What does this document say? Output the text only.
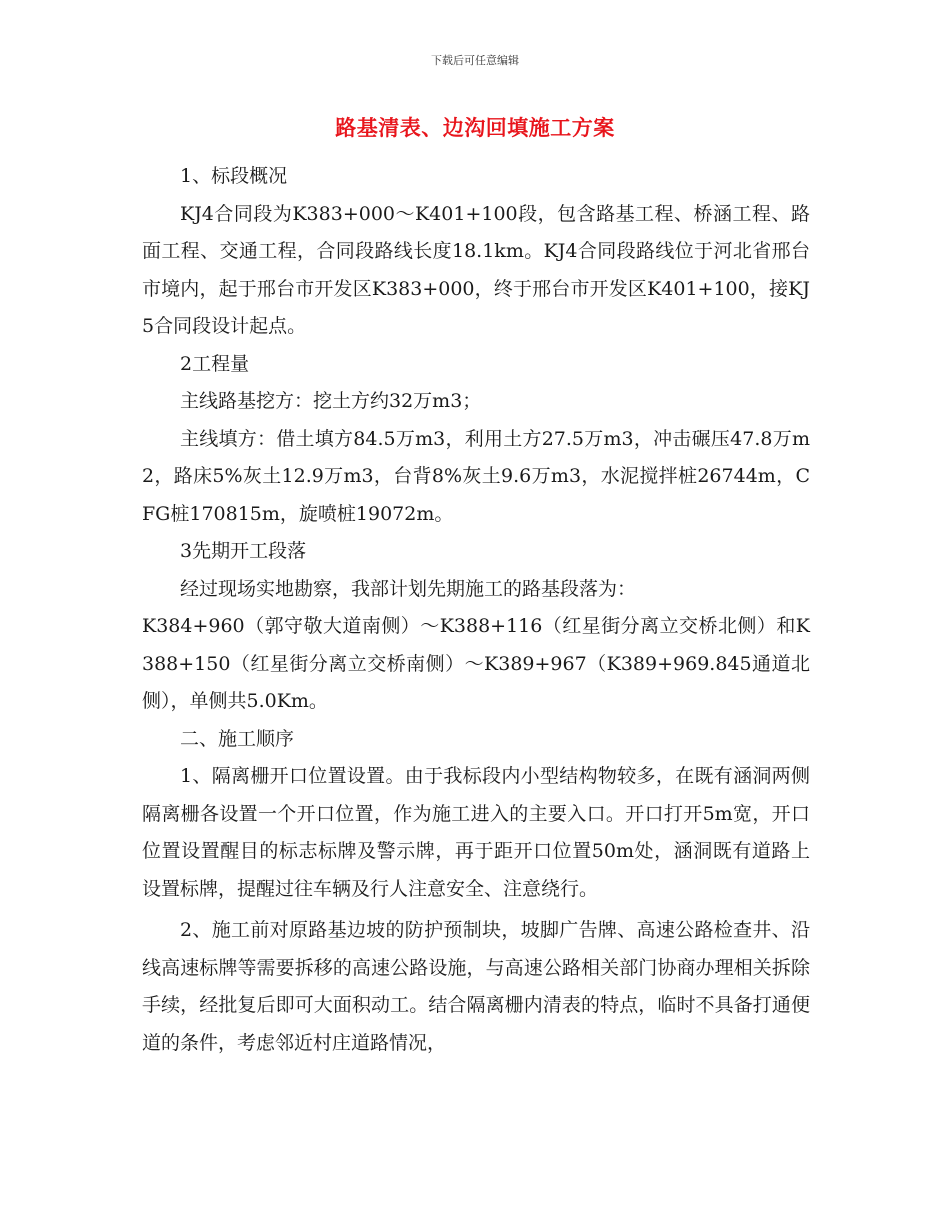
下载后可任意编辑
路基清表、边沟回填施工方案

1、标段概况

KJ4合同段为K383+000～K401+100段，包含路基工程、桥涵工程、路面工程、交通工程，合同段路线长度18.1km。KJ4合同段路线位于河北省邢台市境内，起于邢台市开发区K383+000，终于邢台市开发区K401+100，接KJ5合同段设计起点。

2工程量

主线路基挖方：挖土方约32万m3；

主线填方：借土填方84.5万m3，利用土方27.5万m3，冲击碾压47.8万m2，路床5%灰土12.9万m3，台背8%灰土9.6万m3，水泥搅拌桩26744m，CFG桩170815m，旋喷桩19072m。

3先期开工段落

经过现场实地勘察，我部计划先期施工的路基段落为：

K384+960（郭守敬大道南侧）～K388+116（红星街分离立交桥北侧）和K388+150（红星街分离立交桥南侧）～K389+967（K389+969.845通道北侧），单侧共5.0Km。

二、施工顺序

1、隔离栅开口位置设置。由于我标段内小型结构物较多，在既有涵洞两侧隔离栅各设置一个开口位置，作为施工进入的主要入口。开口打开5m宽，开口位置设置醒目的标志标牌及警示牌，再于距开口位置50m处，涵洞既有道路上设置标牌，提醒过往车辆及行人注意安全、注意绕行。

2、施工前对原路基边坡的防护预制块，坡脚广告牌、高速公路检查井、沿线高速标牌等需要拆移的高速公路设施，与高速公路相关部门协商办理相关拆除手续，经批复后即可大面积动工。结合隔离栅内清表的特点，临时不具备打通便道的条件，考虑邻近村庄道路情况，
